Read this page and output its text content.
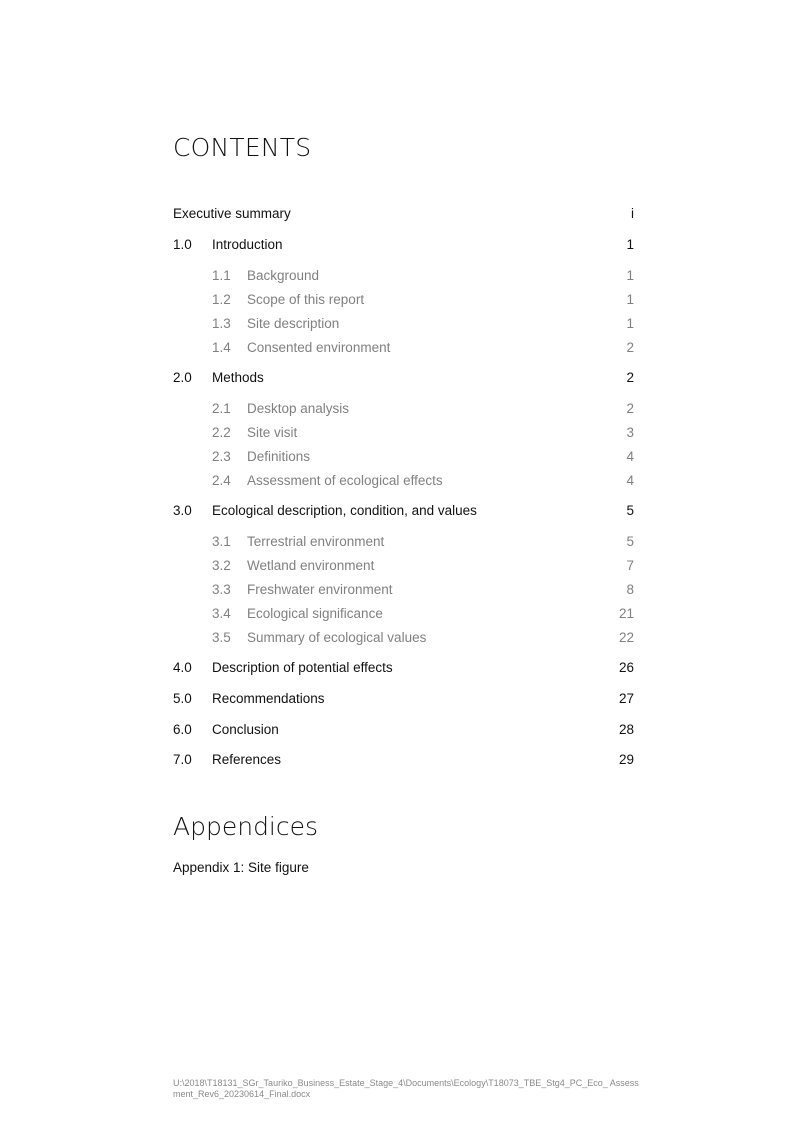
CONTENTS
Executive summary	i
1.0 Introduction	1
1.1 Background	1
1.2 Scope of this report	1
1.3 Site description	1
1.4 Consented environment	2
2.0 Methods	2
2.1 Desktop analysis	2
2.2 Site visit	3
2.3 Definitions	4
2.4 Assessment of ecological effects	4
3.0 Ecological description, condition, and values	5
3.1 Terrestrial environment	5
3.2 Wetland environment	7
3.3 Freshwater environment	8
3.4 Ecological significance	21
3.5 Summary of ecological values	22
4.0 Description of potential effects	26
5.0 Recommendations	27
6.0 Conclusion	28
7.0 References	29
Appendices
Appendix 1: Site figure
U:\2018\T18131_SGr_Tauriko_Business_Estate_Stage_4\Documents\Ecology\T18073_TBE_Stg4_PC_Eco_ Assessment_Rev6_20230614_Final.docx
